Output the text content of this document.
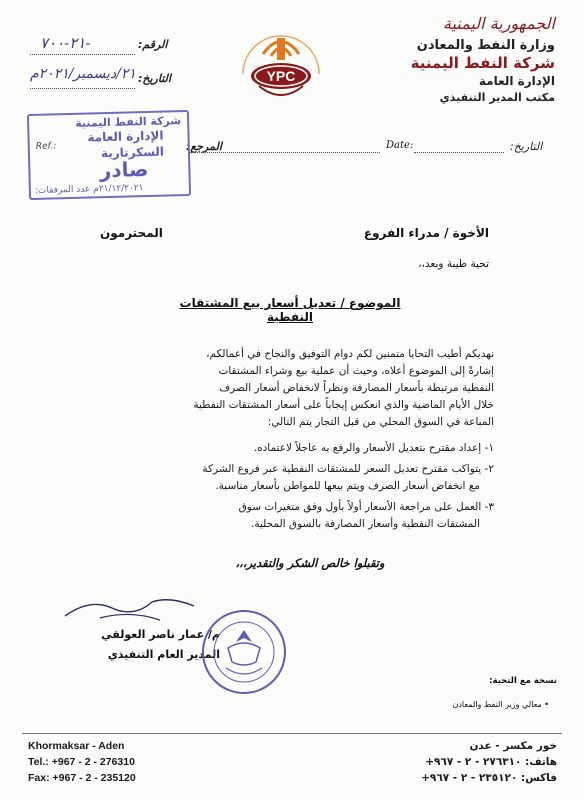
الجمهورية اليمنية
وزارة النفط والمعادن
شركة النفط اليمنية
الإدارة العامة
مكتب المدير التنفيذي
YPC
الرقم:
٢١-٧٠٠-
التاريخ:
٢١/ديسمبر/٢٠٢١م
المرجع:	Date:	التاريخ:
شركة النفط اليمنية
الإدارة العامة
السكرتارية
Ref.:
صادر
٢١/١٢/٢٠٢١م عدد المرفقات:
الأخوة / مدراء الفروع
المحترمون
تحية طيبة وبعد،،
الموضوع / تعديل أسعار بيع المشتقات النفطية
نهديكم أطيب التحايا متمنين لكم دوام التوفيق والنجاح في أعمالكم،
إشارةً إلى الموضوع أعلاه، وحيث أن عملية بيع وشراء المشتقات
النفطية مرتبطة بأسعار المصارفة ونظراً لانخفاض أسعار الصرف
خلال الأيام الماضية والذي انعكس إيجاباً على أسعار المشتقات النفطية
المباعة في السوق المحلي من قبل التجار يتم التالي:
١- إعداد مقترح بتعديل الأسعار والرفع به عاجلاً لاعتماده.
٢- يتواكب مقترح تعديل السعر للمشتقات النفطية عبر فروع الشركة
مع انخفاض أسعار الصرف ويتم بيعها للمواطن بأسعار مناسبة.
٣- العمل على مراجعة الأسعار أولاً بأول وفق متغيرات سوق
المشتقات النفطية وأسعار المصارفة بالسوق المحلية.
وتقبلوا خالص الشكر والتقدير،،،
م/ عمار ناصر العولقي
المدير العام التنفيذي
نسخة مع التحية:
• معالي وزير النفط والمعادن
Khormaksar - Aden
Tel.: +967 - 2 - 276310
Fax: +967 - 2 - 235120
خور مكسر - عدن
هاتف: ٢٧٦٣١٠ - ٢ - ٩٦٧+
فاكس: ٢٣٥١٢٠ - ٢ - ٩٦٧+
